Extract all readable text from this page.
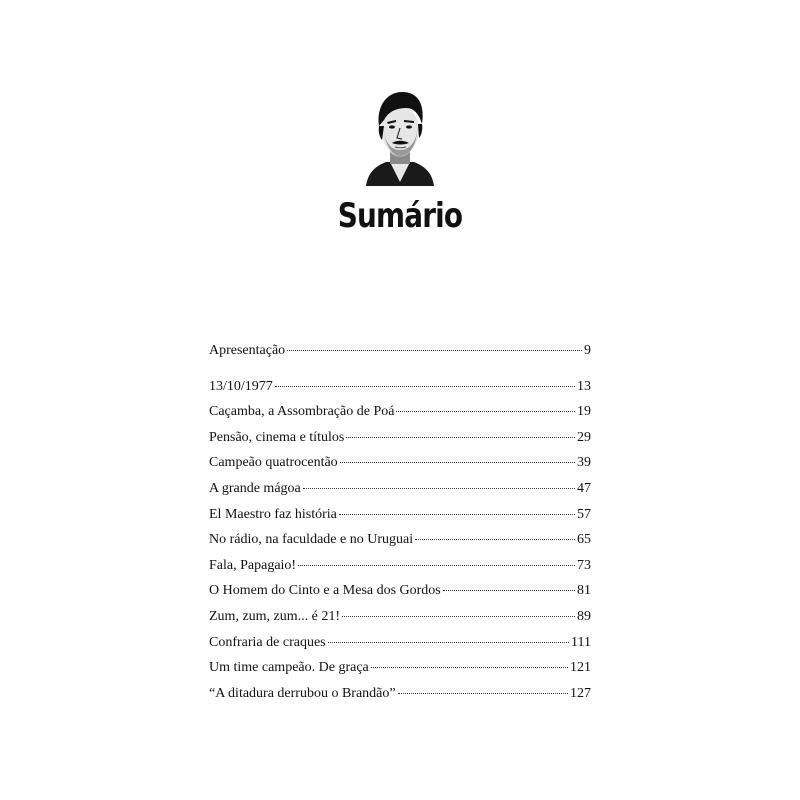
Sumário
Apresentação	9
13/10/1977	13
Caçamba, a Assombração de Poá	19
Pensão, cinema e títulos	29
Campeão quatrocentão	39
A grande mágoa	47
El Maestro faz história	57
No rádio, na faculdade e no Uruguai	65
Fala, Papagaio!	73
O Homem do Cinto e a Mesa dos Gordos	81
Zum, zum, zum... é 21!	89
Confraria de craques	111
Um time campeão. De graça	121
“A ditadura derrubou o Brandão”	127
